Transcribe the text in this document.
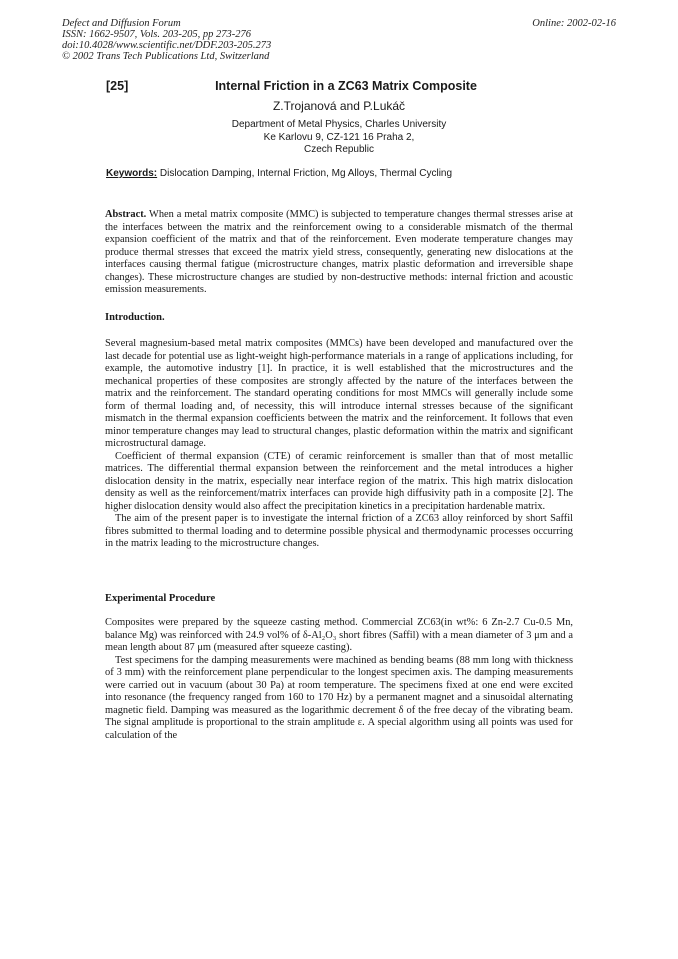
Defect and Diffusion Forum
ISSN: 1662-9507, Vols. 203-205, pp 273-276
doi:10.4028/www.scientific.net/DDF.203-205.273
© 2002 Trans Tech Publications Ltd, Switzerland
Online: 2002-02-16
[25]	Internal Friction in a ZC63 Matrix Composite
Z.Trojanová and P.Lukáč
Department of Metal Physics, Charles University
Ke Karlovu 9, CZ-121 16 Praha 2,
Czech Republic
Keywords: Dislocation Damping, Internal Friction, Mg Alloys, Thermal Cycling
Abstract. When a metal matrix composite (MMC) is subjected to temperature changes thermal stresses arise at the interfaces between the matrix and the reinforcement owing to a considerable mismatch of the thermal expansion coefficient of the matrix and that of the reinforcement. Even moderate temperature changes may produce thermal stresses that exceed the matrix yield stress, consequently, generating new dislocations at the interfaces causing thermal fatigue (microstructure changes, matrix plastic deformation and irreversible shape changes). These microstructure changes are studied by non-destructive methods: internal friction and acoustic emission measurements.
Introduction.

Several magnesium-based metal matrix composites (MMCs) have been developed and manufactured over the last decade for potential use as light-weight high-performance materials in a range of applications including, for example, the automotive industry [1]. In practice, it is well established that the microstructures and the mechanical properties of these composites are strongly affected by the nature of the interfaces between the matrix and the reinforcement. The standard operating conditions for most MMCs will generally include some form of thermal loading and, of necessity, this will introduce internal stresses because of the significant mismatch in the thermal expansion coefficients between the matrix and the reinforcement. It follows that even minor temperature changes may lead to structural changes, plastic deformation within the matrix and significant microstructural damage.

Coefficient of thermal expansion (CTE) of ceramic reinforcement is smaller than that of most metallic matrices. The differential thermal expansion between the reinforcement and the metal introduces a higher dislocation density in the matrix, especially near interface region of the matrix. This high matrix dislocation density as well as the reinforcement/matrix interfaces can provide high diffusivity path in a composite [2]. The higher dislocation density would also affect the precipitation kinetics in a precipitation hardenable matrix.

The aim of the present paper is to investigate the internal friction of a ZC63 alloy reinforced by short Saffil fibres submitted to thermal loading and to determine possible physical and thermodynamic processes occurring in the matrix leading to the microstructure changes.

Experimental Procedure

Composites were prepared by the squeeze casting method. Commercial ZC63(in wt%: 6 Zn-2.7 Cu-0.5 Mn, balance Mg) was reinforced with 24.9 vol% of δ-Al₂O₃ short fibres (Saffil) with a mean diameter of 3 μm and a mean length about 87 μm (measured after squeeze casting).

Test specimens for the damping measurements were machined as bending beams (88 mm long with thickness of 3 mm) with the reinforcement plane perpendicular to the longest specimen axis. The damping measurements were carried out in vacuum (about 30 Pa) at room temperature. The specimens fixed at one end were excited into resonance (the frequency ranged from 160 to 170 Hz) by a permanent magnet and a sinusoidal alternating magnetic field. Damping was measured as the logarithmic decrement δ of the free decay of the vibrating beam. The signal amplitude is proportional to the strain amplitude ε. A special algorithm using all points was used for calculation of the
